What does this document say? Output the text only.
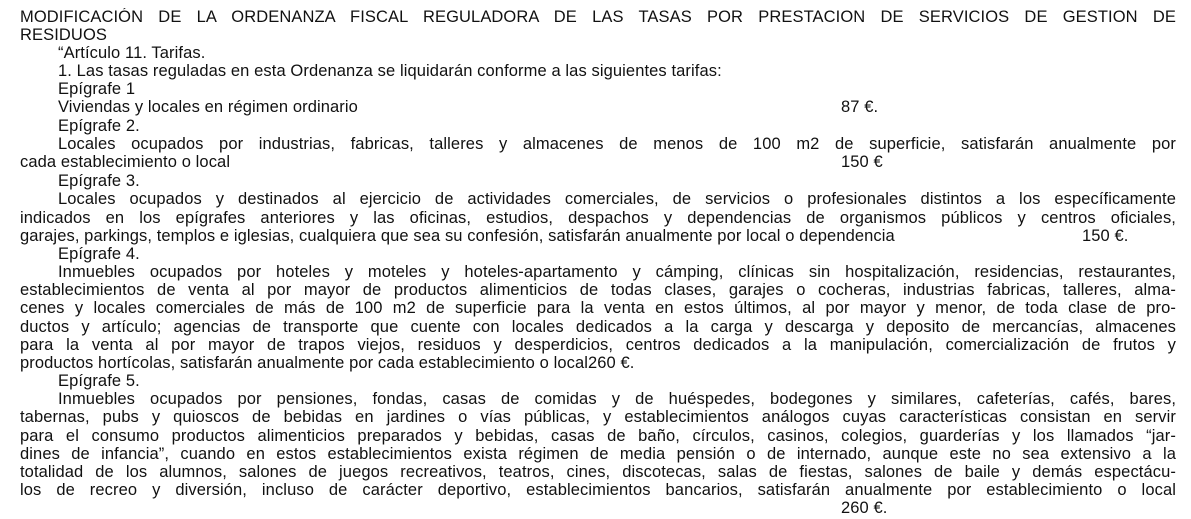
MODIFICACIÓN DE LA ORDENANZA FISCAL REGULADORA DE LAS TASAS POR PRESTACION DE SERVICIOS DE GESTION DE
RESIDUOS
“Artículo 11. Tarifas.
1. Las tasas reguladas en esta Ordenanza se liquidarán conforme a las siguientes tarifas:
Epígrafe 1
Viviendas y locales en régimen ordinario	87 €.
Epígrafe 2.
Locales ocupados por industrias, fabricas, talleres y almacenes de menos de 100 m2 de superficie, satisfarán anualmente por
cada establecimiento o local	150 €
Epígrafe 3.
Locales ocupados y destinados al ejercicio de actividades comerciales, de servicios o profesionales distintos a los específicamente
indicados en los epígrafes anteriores y las oficinas, estudios, despachos y dependencias de organismos públicos y centros oficiales,
garajes, parkings, templos e iglesias, cualquiera que sea su confesión, satisfarán anualmente por local o dependencia	150 €.
Epígrafe 4.
Inmuebles ocupados por hoteles y moteles y hoteles-apartamento y cámping, clínicas sin hospitalización, residencias, restaurantes,
establecimientos de venta al por mayor de productos alimenticios de todas clases, garajes o cocheras, industrias fabricas, talleres, alma-
cenes y locales comerciales de más de 100 m2 de superficie para la venta en estos últimos, al por mayor y menor, de toda clase de pro-
ductos y artículo; agencias de transporte que cuente con locales dedicados a la carga y descarga y deposito de mercancías, almacenes
para la venta al por mayor de trapos viejos, residuos y desperdicios, centros dedicados a la manipulación, comercialización de frutos y
productos hortícolas, satisfarán anualmente por cada establecimiento o local260 €.
Epígrafe 5.
Inmuebles ocupados por pensiones, fondas, casas de comidas y de huéspedes, bodegones y similares, cafeterías, cafés, bares,
tabernas, pubs y quioscos de bebidas en jardines o vías públicas, y establecimientos análogos cuyas características consistan en servir
para el consumo productos alimenticios preparados y bebidas, casas de baño, círculos, casinos, colegios, guarderías y los llamados “jar-
dines de infancia”, cuando en estos establecimientos exista régimen de media pensión o de internado, aunque este no sea extensivo a la
totalidad de los alumnos, salones de juegos recreativos, teatros, cines, discotecas, salas de fiestas, salones de baile y demás espectácu-
los de recreo y diversión, incluso de carácter deportivo, establecimientos bancarios, satisfarán anualmente por establecimiento o local
260 €.
